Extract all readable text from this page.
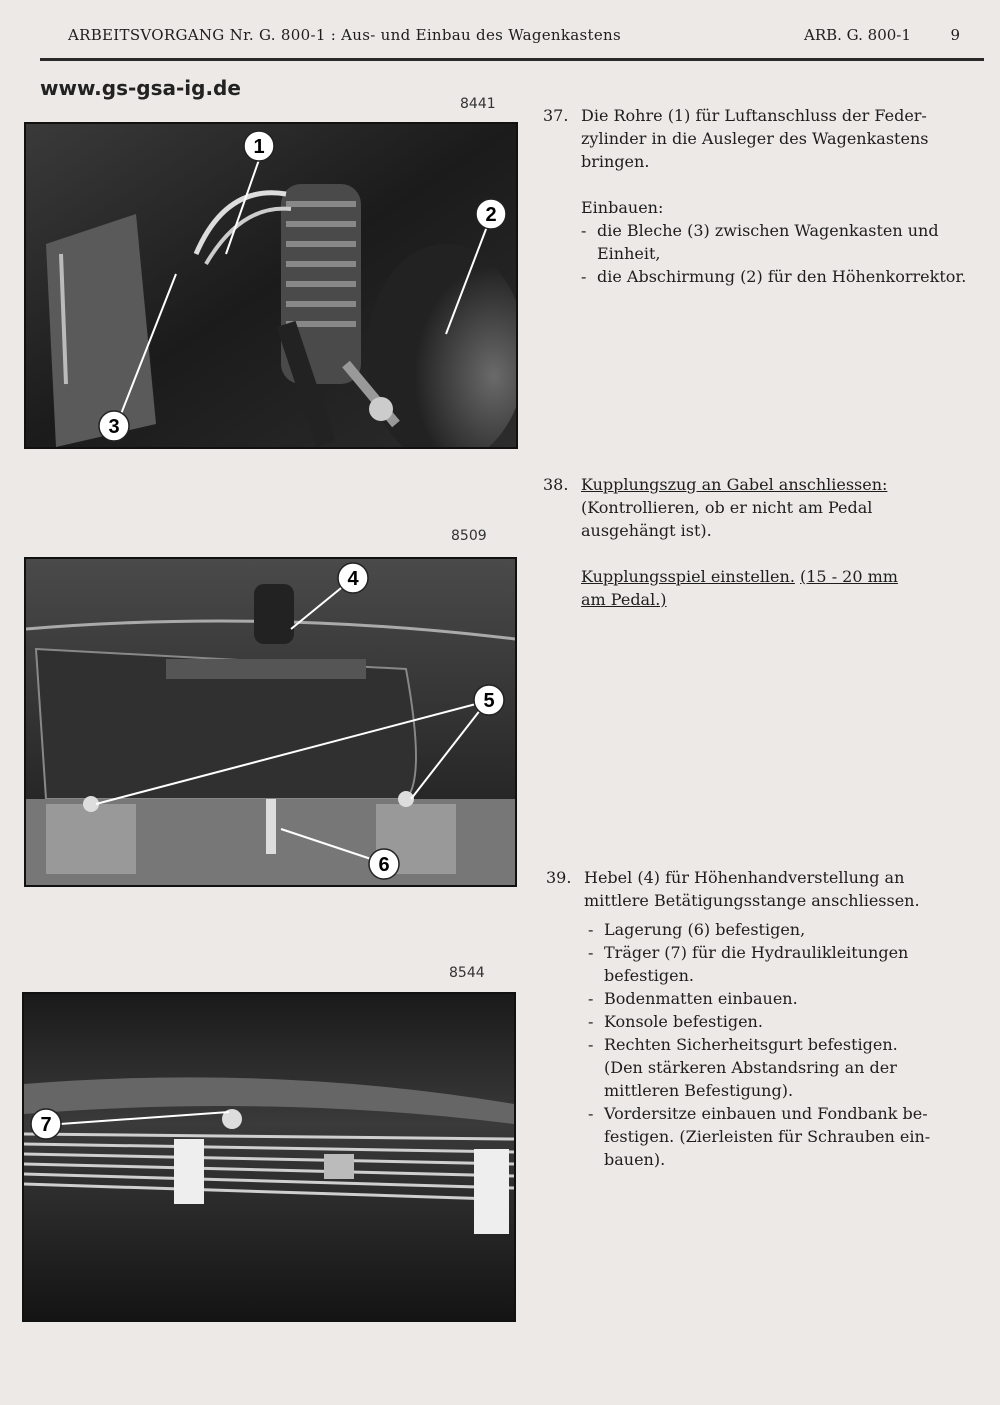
ARBEITSVORGANG Nr. G. 800-1 : Aus- und Einbau des Wagenkastens	ARB. G. 800-1	9
www.gs-gsa-ig.de
8441
1
2
3
8509
4
5
6
8544
7
37. Die Rohre (1) für Luftanschluss der Feder-

zylinder in die Ausleger des Wagenkastens

bringen.

Einbauen:

- die Bleche (3) zwischen Wagenkasten und

Einheit,

- die Abschirmung (2) für den Höhenkorrektor.

38. Kupplungszug an Gabel anschliessen:

(Kontrollieren, ob er nicht am Pedal

ausgehängt ist).

Kupplungsspiel einstellen. (15 - 20 mm

am Pedal.)

39. Hebel (4) für Höhenhandverstellung an

mittlere Betätigungsstange anschliessen.

- Lagerung (6) befestigen,

- Träger (7) für die Hydraulikleitungen

befestigen.

- Bodenmatten einbauen.

- Konsole befestigen.

- Rechten Sicherheitsgurt befestigen.

(Den stärkeren Abstandsring an der

mittleren Befestigung).

- Vordersitze einbauen und Fondbank be-

festigen. (Zierleisten für Schrauben ein-

bauen).
